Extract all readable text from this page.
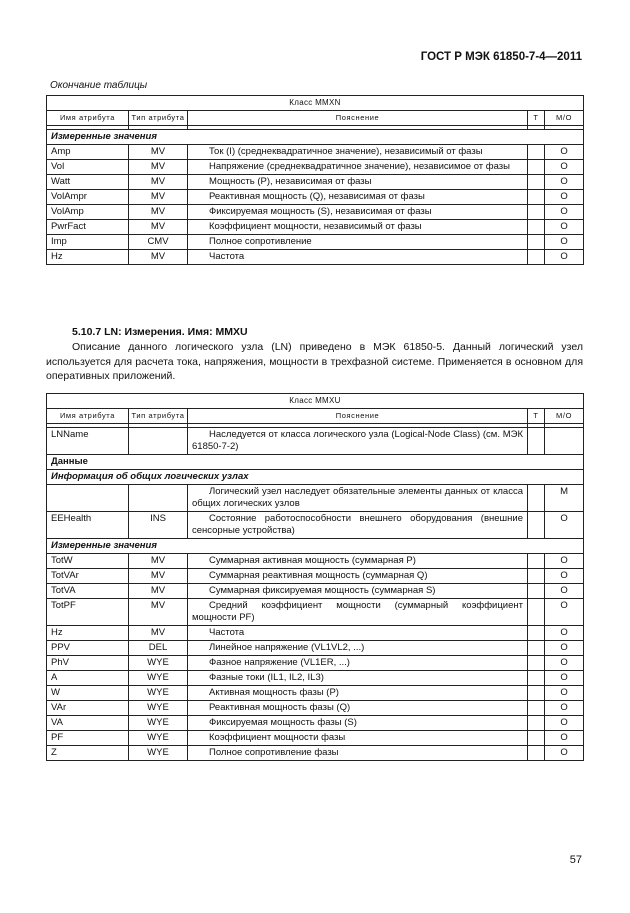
ГОСТ Р МЭК 61850-7-4—2011
Окончание таблицы
Класс MMXN				
Имя атрибута	Тип атрибута	Пояснение	T	M/O

Измеренные значения				
Amp	MV	Ток (I) (среднеквадратичное значение), независимый от фазы		O
Vol	MV	Напряжение (среднеквадратичное значение), независимое от фазы		O
Watt	MV	Мощность (P), независимая от фазы		O
VolAmpr	MV	Реактивная мощность (Q), независимая от фазы		O
VolAmp	MV	Фиксируемая мощность (S), независимая от фазы		O
PwrFact	MV	Коэффициент мощности, независимый от фазы		O
Imp	CMV	Полное сопротивление		O
Hz	MV	Частота		O
5.10.7 LN: Измерения. Имя: MMXU

Описание данного логического узла (LN) приведено в МЭК 61850-5. Данный логический узел используется для расчета тока, напряжения, мощности в трехфазной системе. Применяется в основном для оперативных приложений.

Класс MMXU				
Имя атрибута	Тип атрибута	Пояснение	T	M/O

LNName		Наследуется от класса логического узла (Logical-Node Class) (см. МЭК 61850-7-2)		
Данные				
Информация об общих логических узлах				
		Логический узел наследует обязательные элементы данных от класса общих логических узлов		M
EEHealth	INS	Состояние работоспособности внешнего оборудования (внешние сенсорные устройства)		O
Измеренные значения				
TotW	MV	Суммарная активная мощность (суммарная P)		O
TotVAr	MV	Суммарная реактивная мощность (суммарная Q)		O
TotVA	MV	Суммарная фиксируемая мощность (суммарная S)		O
TotPF	MV	Средний коэффициент мощности (суммарный коэффициент мощности PF)		O
Hz	MV	Частота		O
PPV	DEL	Линейное напряжение (VL1VL2, ...)		O
PhV	WYE	Фазное напряжение (VL1ER, ...)		O
A	WYE	Фазные токи (IL1, IL2, IL3)		O
W	WYE	Активная мощность фазы (P)		O
VAr	WYE	Реактивная мощность фазы (Q)		O
VA	WYE	Фиксируемая мощность фазы (S)		O
PF	WYE	Коэффициент мощности фазы		O
Z	WYE	Полное сопротивление фазы		O
57
